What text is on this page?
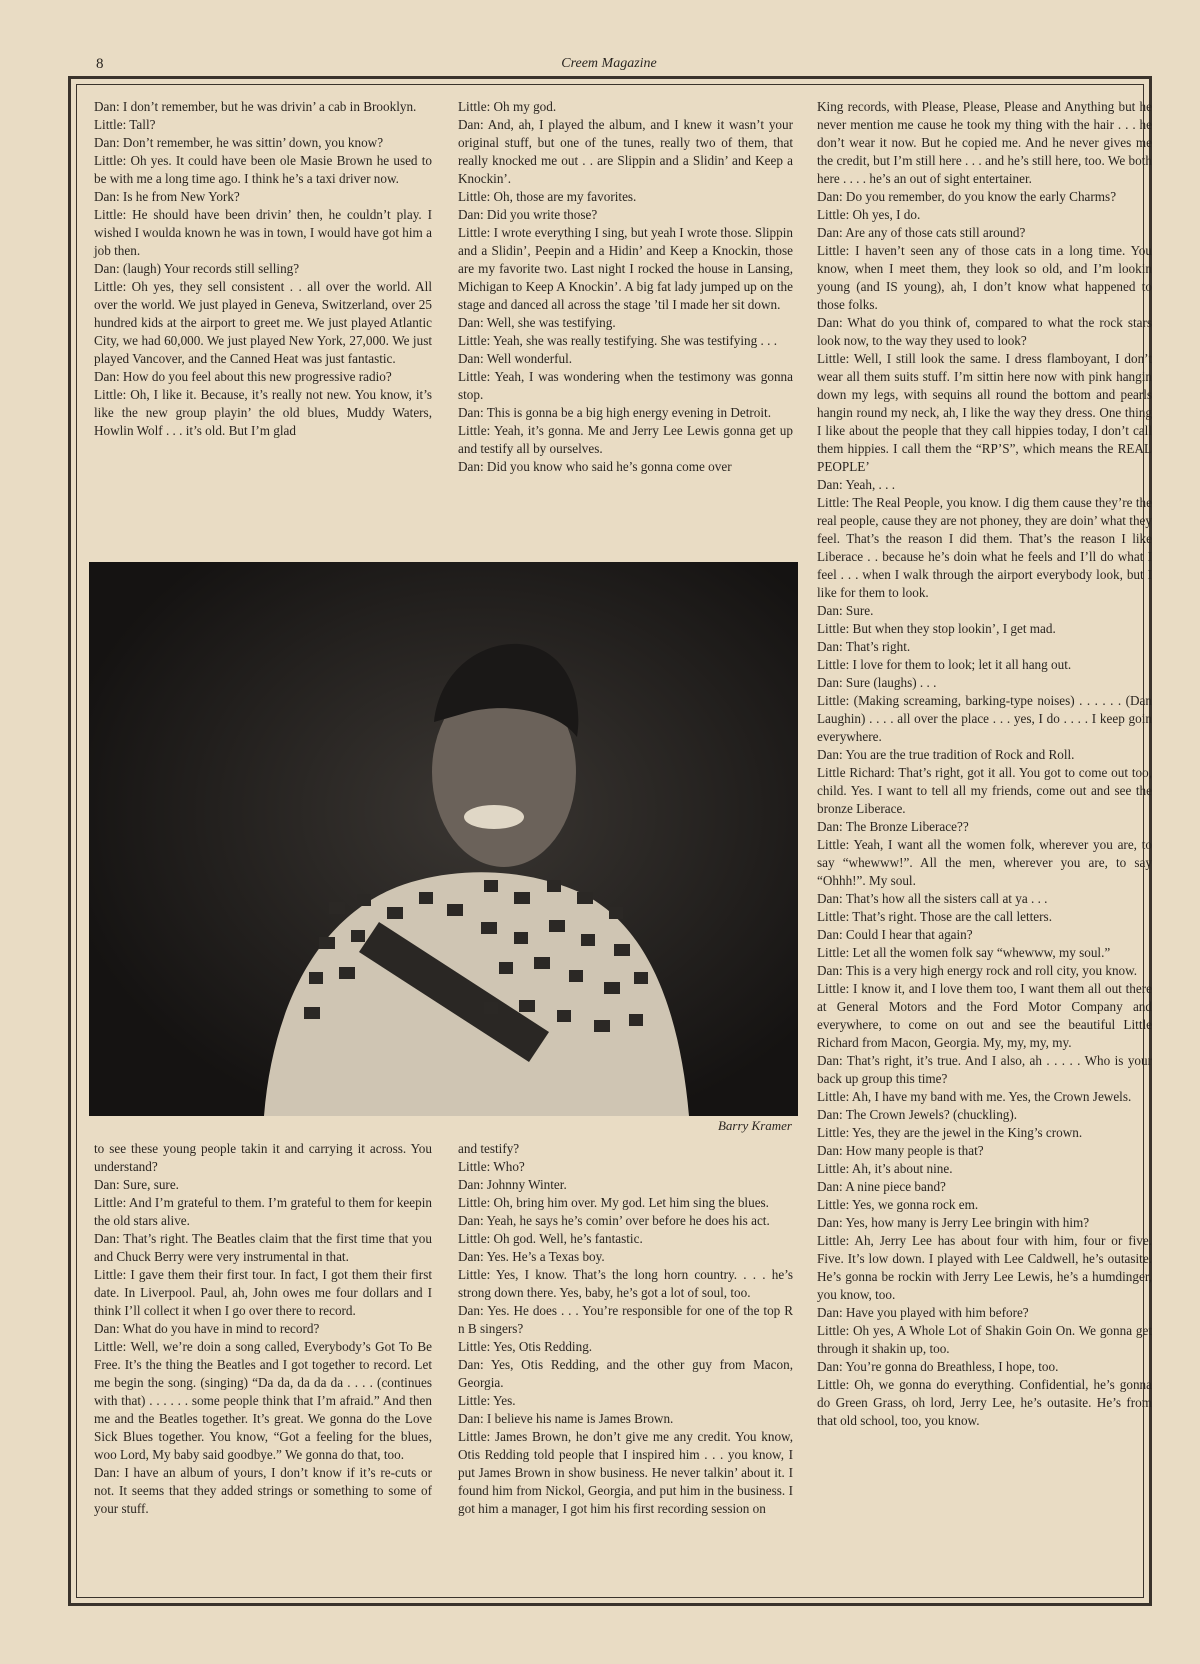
8	Creem Magazine

Dan: I don’t remember, but he was drivin’ a cab in Brooklyn.

Little: Tall?

Dan: Don’t remember, he was sittin’ down, you know?

Little: Oh yes. It could have been ole Masie Brown he used to be with me a long time ago. I think he’s a taxi driver now.

Dan: Is he from New York?

Little: He should have been drivin’ then, he couldn’t play. I wished I woulda known he was in town, I would have got him a job then.

Dan: (laugh) Your records still selling?

Little: Oh yes, they sell consistent . . all over the world. All over the world. We just played in Geneva, Switzerland, over 25 hundred kids at the airport to greet me. We just played Atlantic City, we had 60,000. We just played New York, 27,000. We just played Vancover, and the Canned Heat was just fantastic.

Dan: How do you feel about this new progressive radio?

Little: Oh, I like it. Because, it’s really not new. You know, it’s like the new group playin’ the old blues, Muddy Waters, Howlin Wolf . . . it’s old. But I’m glad

Little: Oh my god.

Dan: And, ah, I played the album, and I knew it wasn’t your original stuff, but one of the tunes, really two of them, that really knocked me out . . are Slippin and a Slidin’ and Keep a Knockin’.

Little: Oh, those are my favorites.

Dan: Did you write those?

Little: I wrote everything I sing, but yeah I wrote those. Slippin and a Slidin’, Peepin and a Hidin’ and Keep a Knockin, those are my favorite two. Last night I rocked the house in Lansing, Michigan to Keep A Knockin’. A big fat lady jumped up on the stage and danced all across the stage ’til I made her sit down.

Dan: Well, she was testifying.

Little: Yeah, she was really testifying. She was testifying . . .

Dan: Well wonderful.

Little: Yeah, I was wondering when the testimony was gonna stop.

Dan: This is gonna be a big high energy evening in Detroit.

Little: Yeah, it’s gonna. Me and Jerry Lee Lewis gonna get up and testify all by ourselves.

Dan: Did you know who said he’s gonna come over

King records, with Please, Please, Please and Anything but he never mention me cause he took my thing with the hair . . . he don’t wear it now. But he copied me. And he never gives me the credit, but I’m still here . . . and he’s still here, too. We both here . . . . he’s an out of sight entertainer.

Dan: Do you remember, do you know the early Charms?

Little: Oh yes, I do.

Dan: Are any of those cats still around?

Little: I haven’t seen any of those cats in a long time. You know, when I meet them, they look so old, and I’m lookin young (and IS young), ah, I don’t know what happened to those folks.

Dan: What do you think of, compared to what the rock stars look now, to the way they used to look?

Little: Well, I still look the same. I dress flamboyant, I don’t wear all them suits stuff. I’m sittin here now with pink hangin down my legs, with sequins all round the bottom and pearls hangin round my neck, ah, I like the way they dress. One thing I like about the people that they call hippies today, I don’t call them hippies. I call them the “RP’S”, which means the REAL PEOPLE’

Dan: Yeah, . . .

Little: The Real People, you know. I dig them cause they’re the real people, cause they are not phoney, they are doin’ what they feel. That’s the reason I did them. That’s the reason I like Liberace . . because he’s doin what he feels and I’ll do what I feel . . . when I walk through the airport everybody look, but I like for them to look.

Dan: Sure.

Little: But when they stop lookin’, I get mad.

Dan: That’s right.

Little: I love for them to look; let it all hang out.

Dan: Sure (laughs) . . .

Little: (Making screaming, barking-type noises) . . . . . . (Dan Laughin) . . . . all over the place . . . yes, I do . . . . I keep goin everywhere.

Dan: You are the true tradition of Rock and Roll.

Little Richard: That’s right, got it all. You got to come out too, child. Yes. I want to tell all my friends, come out and see the bronze Liberace.

Dan: The Bronze Liberace??

Little: Yeah, I want all the women folk, wherever you are, to say “whewww!”. All the men, wherever you are, to say “Ohhh!”. My soul.

Dan: That’s how all the sisters call at ya . . .

Little: That’s right. Those are the call letters.

Dan: Could I hear that again?

Little: Let all the women folk say “whewww, my soul.”

Dan: This is a very high energy rock and roll city, you know.

Little: I know it, and I love them too, I want them all out there at General Motors and the Ford Motor Company and everywhere, to come on out and see the beautiful Little Richard from Macon, Georgia. My, my, my, my.

Dan: That’s right, it’s true. And I also, ah . . . . . Who is your back up group this time?

Little: Ah, I have my band with me. Yes, the Crown Jewels.

Dan: The Crown Jewels? (chuckling).

Little: Yes, they are the jewel in the King’s crown.

Dan: How many people is that?

Little: Ah, it’s about nine.

Dan: A nine piece band?

Little: Yes, we gonna rock em.

Dan: Yes, how many is Jerry Lee bringin with him?

Little: Ah, Jerry Lee has about four with him, four or five. Five. It’s low down. I played with Lee Caldwell, he’s outasite. He’s gonna be rockin with Jerry Lee Lewis, he’s a humdinger, you know, too.

Dan: Have you played with him before?

Little: Oh yes, A Whole Lot of Shakin Goin On. We gonna get through it shakin up, too.

Dan: You’re gonna do Breathless, I hope, too.

Little: Oh, we gonna do everything. Confidential, he’s gonna do Green Grass, oh lord, Jerry Lee, he’s outasite. He’s from that old school, too, you know.

Barry Kramer

to see these young people takin it and carrying it across. You understand?

Dan: Sure, sure.

Little: And I’m grateful to them. I’m grateful to them for keepin the old stars alive.

Dan: That’s right. The Beatles claim that the first time that you and Chuck Berry were very instrumental in that.

Little: I gave them their first tour. In fact, I got them their first date. In Liverpool. Paul, ah, John owes me four dollars and I think I’ll collect it when I go over there to record.

Dan: What do you have in mind to record?

Little: Well, we’re doin a song called, Everybody’s Got To Be Free. It’s the thing the Beatles and I got together to record. Let me begin the song. (singing) “Da da, da da da . . . . (continues with that) . . . . . . some people think that I’m afraid.” And then me and the Beatles together. It’s great. We gonna do the Love Sick Blues together. You know, “Got a feeling for the blues, woo Lord, My baby said goodbye.” We gonna do that, too.

Dan: I have an album of yours, I don’t know if it’s re-cuts or not. It seems that they added strings or something to some of your stuff.

and testify?

Little: Who?

Dan: Johnny Winter.

Little: Oh, bring him over. My god. Let him sing the blues.

Dan: Yeah, he says he’s comin’ over before he does his act.

Little: Oh god. Well, he’s fantastic.

Dan: Yes. He’s a Texas boy.

Little: Yes, I know. That’s the long horn country. . . . he’s strong down there. Yes, baby, he’s got a lot of soul, too.

Dan: Yes. He does . . . You’re responsible for one of the top R n B singers?

Little: Yes, Otis Redding.

Dan: Yes, Otis Redding, and the other guy from Macon, Georgia.

Little: Yes.

Dan: I believe his name is James Brown.

Little: James Brown, he don’t give me any credit. You know, Otis Redding told people that I inspired him . . . you know, I put James Brown in show business. He never talkin’ about it. I found him from Nickol, Georgia, and put him in the business. I got him a manager, I got him his first recording session on
